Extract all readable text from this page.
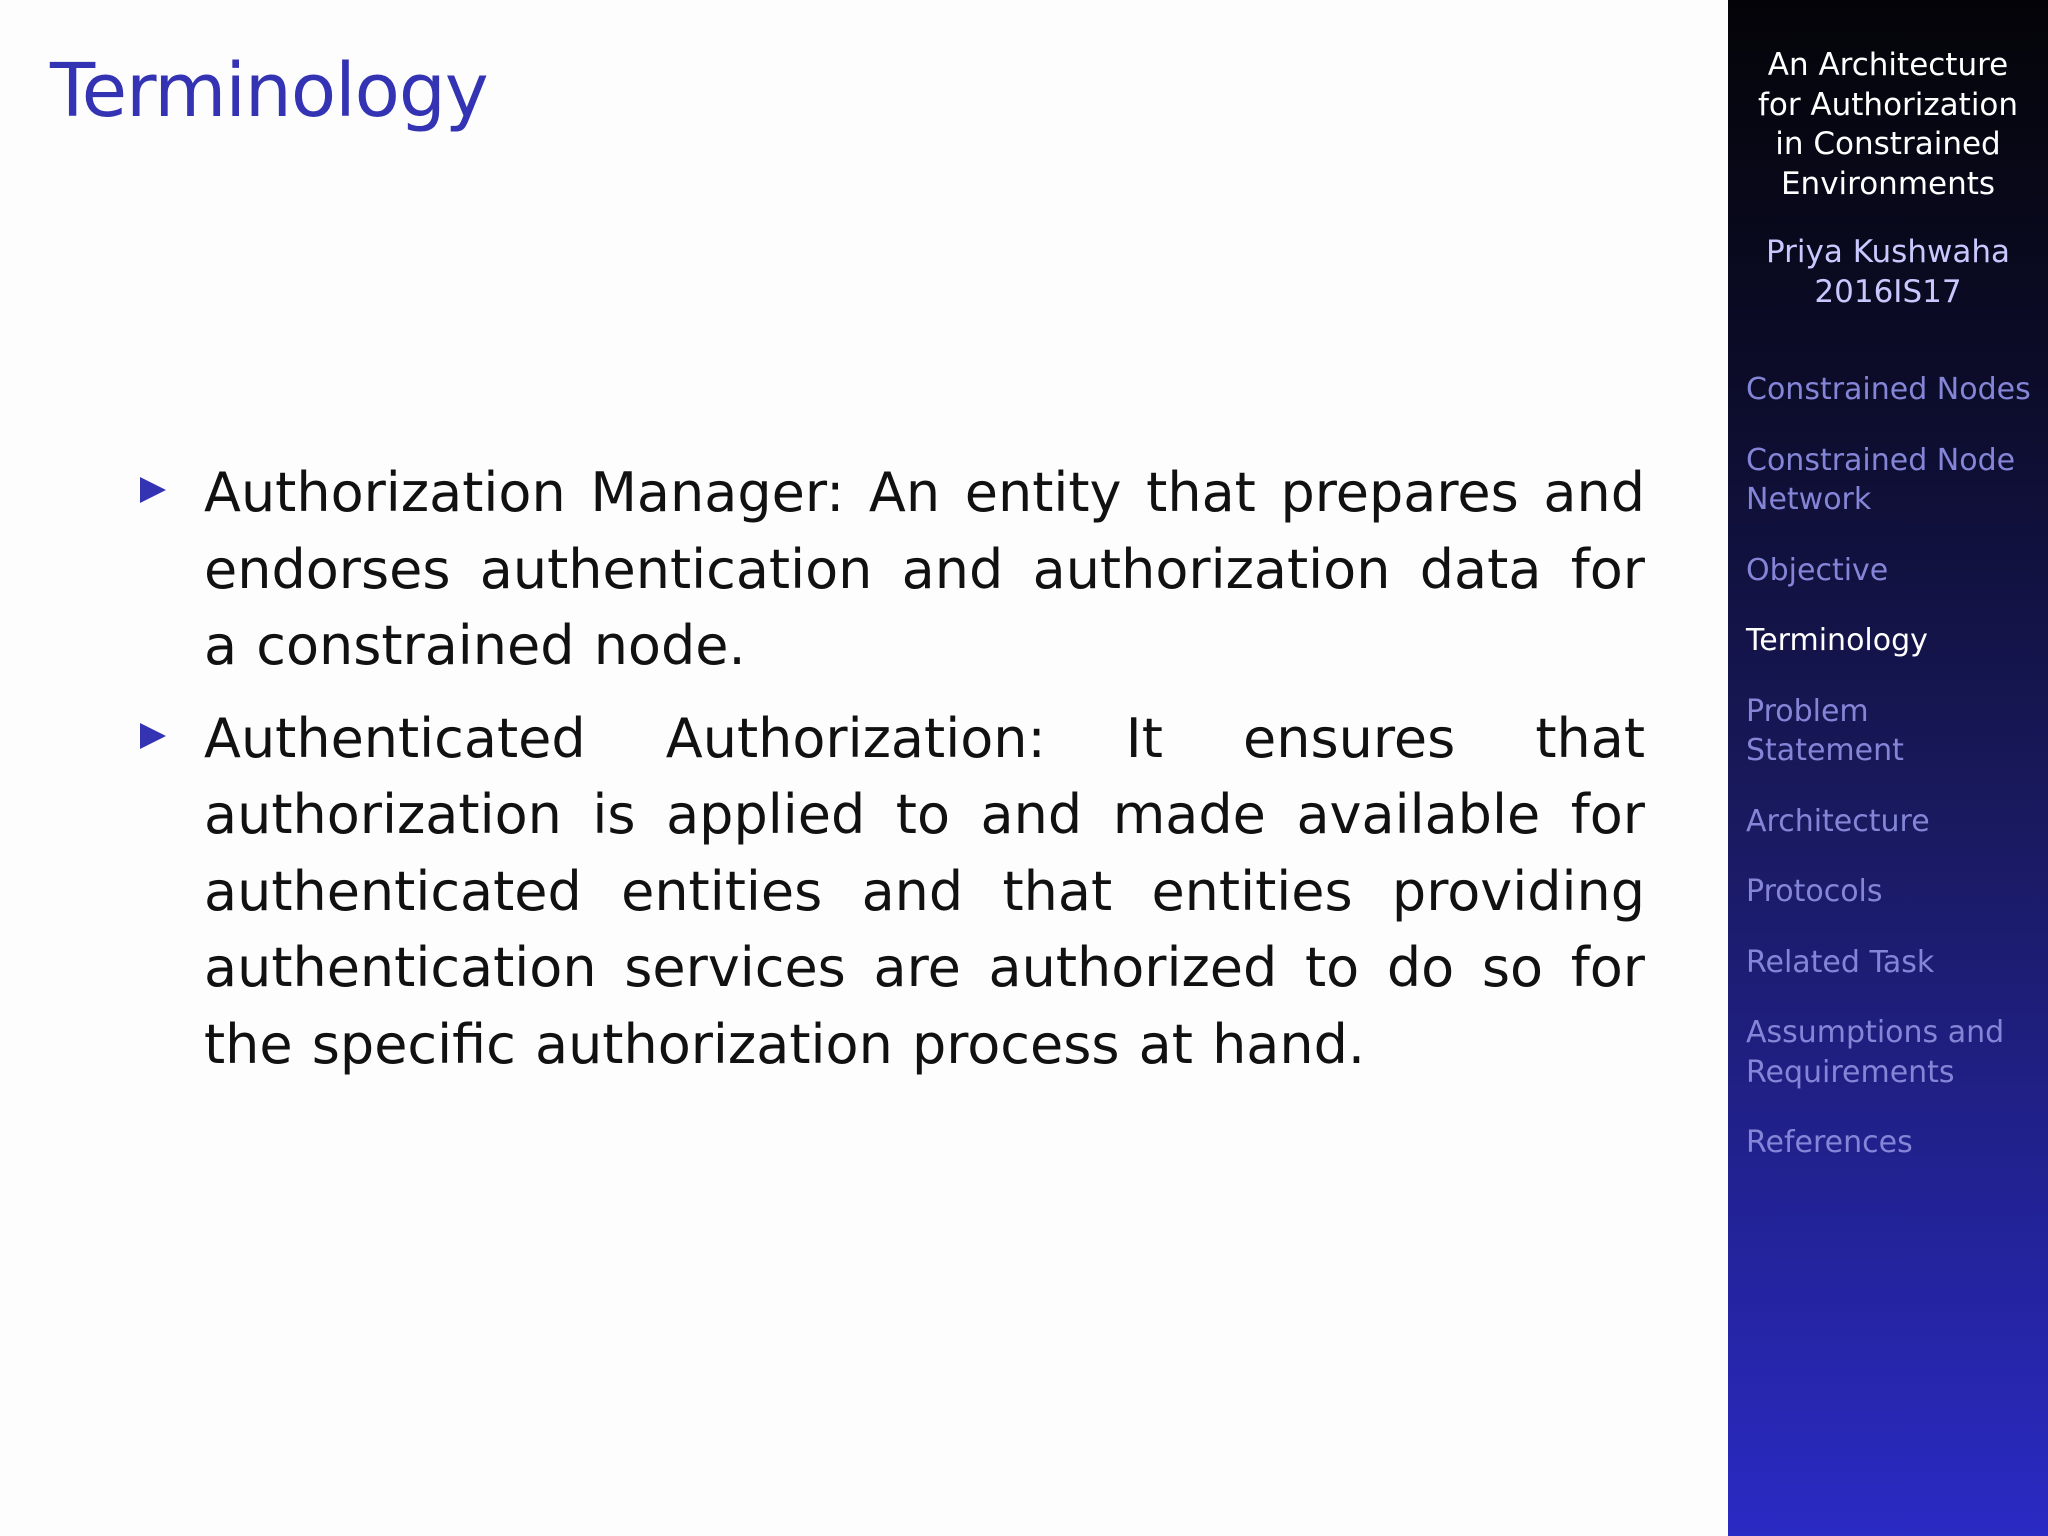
Terminology
Authorization Manager: An entity that prepares and endorses authentication and authorization data for a constrained node.
Authenticated Authorization: It ensures that authorization is applied to and made available for authenticated entities and that entities providing authentication services are authorized to do so for the specific authorization process at hand.
An Architecture
for Authorization
in Constrained
Environments
Priya Kushwaha
2016IS17
Constrained Nodes
Constrained Node
Network
Objective
Terminology
Problem
Statement
Architecture
Protocols
Related Task
Assumptions and
Requirements
References
